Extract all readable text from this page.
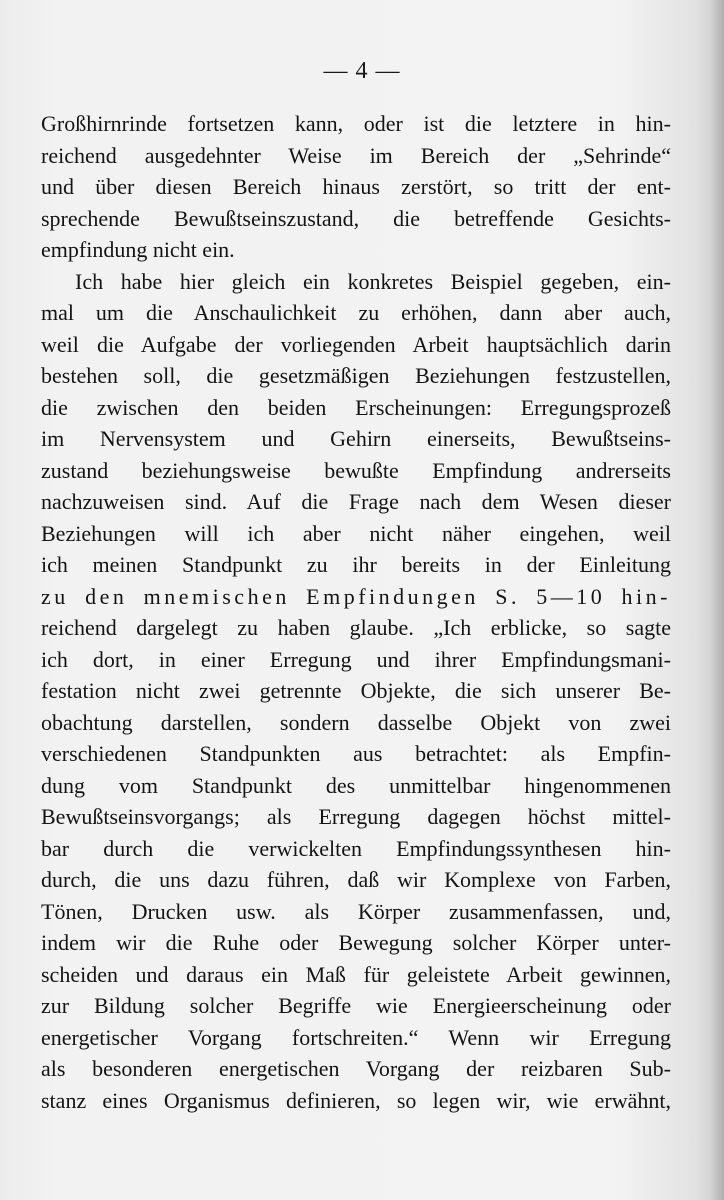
— 4 —
Großhirnrinde fortsetzen kann, oder ist die letztere in hin-
reichend ausgedehnter Weise im Bereich der „Sehrinde“
und über diesen Bereich hinaus zerstört, so tritt der ent-
sprechende Bewußtseinszustand, die betreffende Gesichts-
empfindung nicht ein.
Ich habe hier gleich ein konkretes Beispiel gegeben, ein-
mal um die Anschaulichkeit zu erhöhen, dann aber auch,
weil die Aufgabe der vorliegenden Arbeit hauptsächlich darin
bestehen soll, die gesetzmäßigen Beziehungen festzustellen,
die zwischen den beiden Erscheinungen: Erregungsprozeß
im Nervensystem und Gehirn einerseits, Bewußtseins-
zustand beziehungsweise bewußte Empfindung andrerseits
nachzuweisen sind. Auf die Frage nach dem Wesen dieser
Beziehungen will ich aber nicht näher eingehen, weil
ich meinen Standpunkt zu ihr bereits in der Einleitung
zu den mnemischen Empfindungen S. 5—10 hin-
reichend dargelegt zu haben glaube. „Ich erblicke, so sagte
ich dort, in einer Erregung und ihrer Empfindungsmani-
festation nicht zwei getrennte Objekte, die sich unserer Be-
obachtung darstellen, sondern dasselbe Objekt von zwei
verschiedenen Standpunkten aus betrachtet: als Empfin-
dung vom Standpunkt des unmittelbar hingenommenen
Bewußtseinsvorgangs; als Erregung dagegen höchst mittel-
bar durch die verwickelten Empfindungssynthesen hin-
durch, die uns dazu führen, daß wir Komplexe von Farben,
Tönen, Drucken usw. als Körper zusammenfassen, und,
indem wir die Ruhe oder Bewegung solcher Körper unter-
scheiden und daraus ein Maß für geleistete Arbeit gewinnen,
zur Bildung solcher Begriffe wie Energieerscheinung oder
energetischer Vorgang fortschreiten.“ Wenn wir Erregung
als besonderen energetischen Vorgang der reizbaren Sub-
stanz eines Organismus definieren, so legen wir, wie erwähnt,
